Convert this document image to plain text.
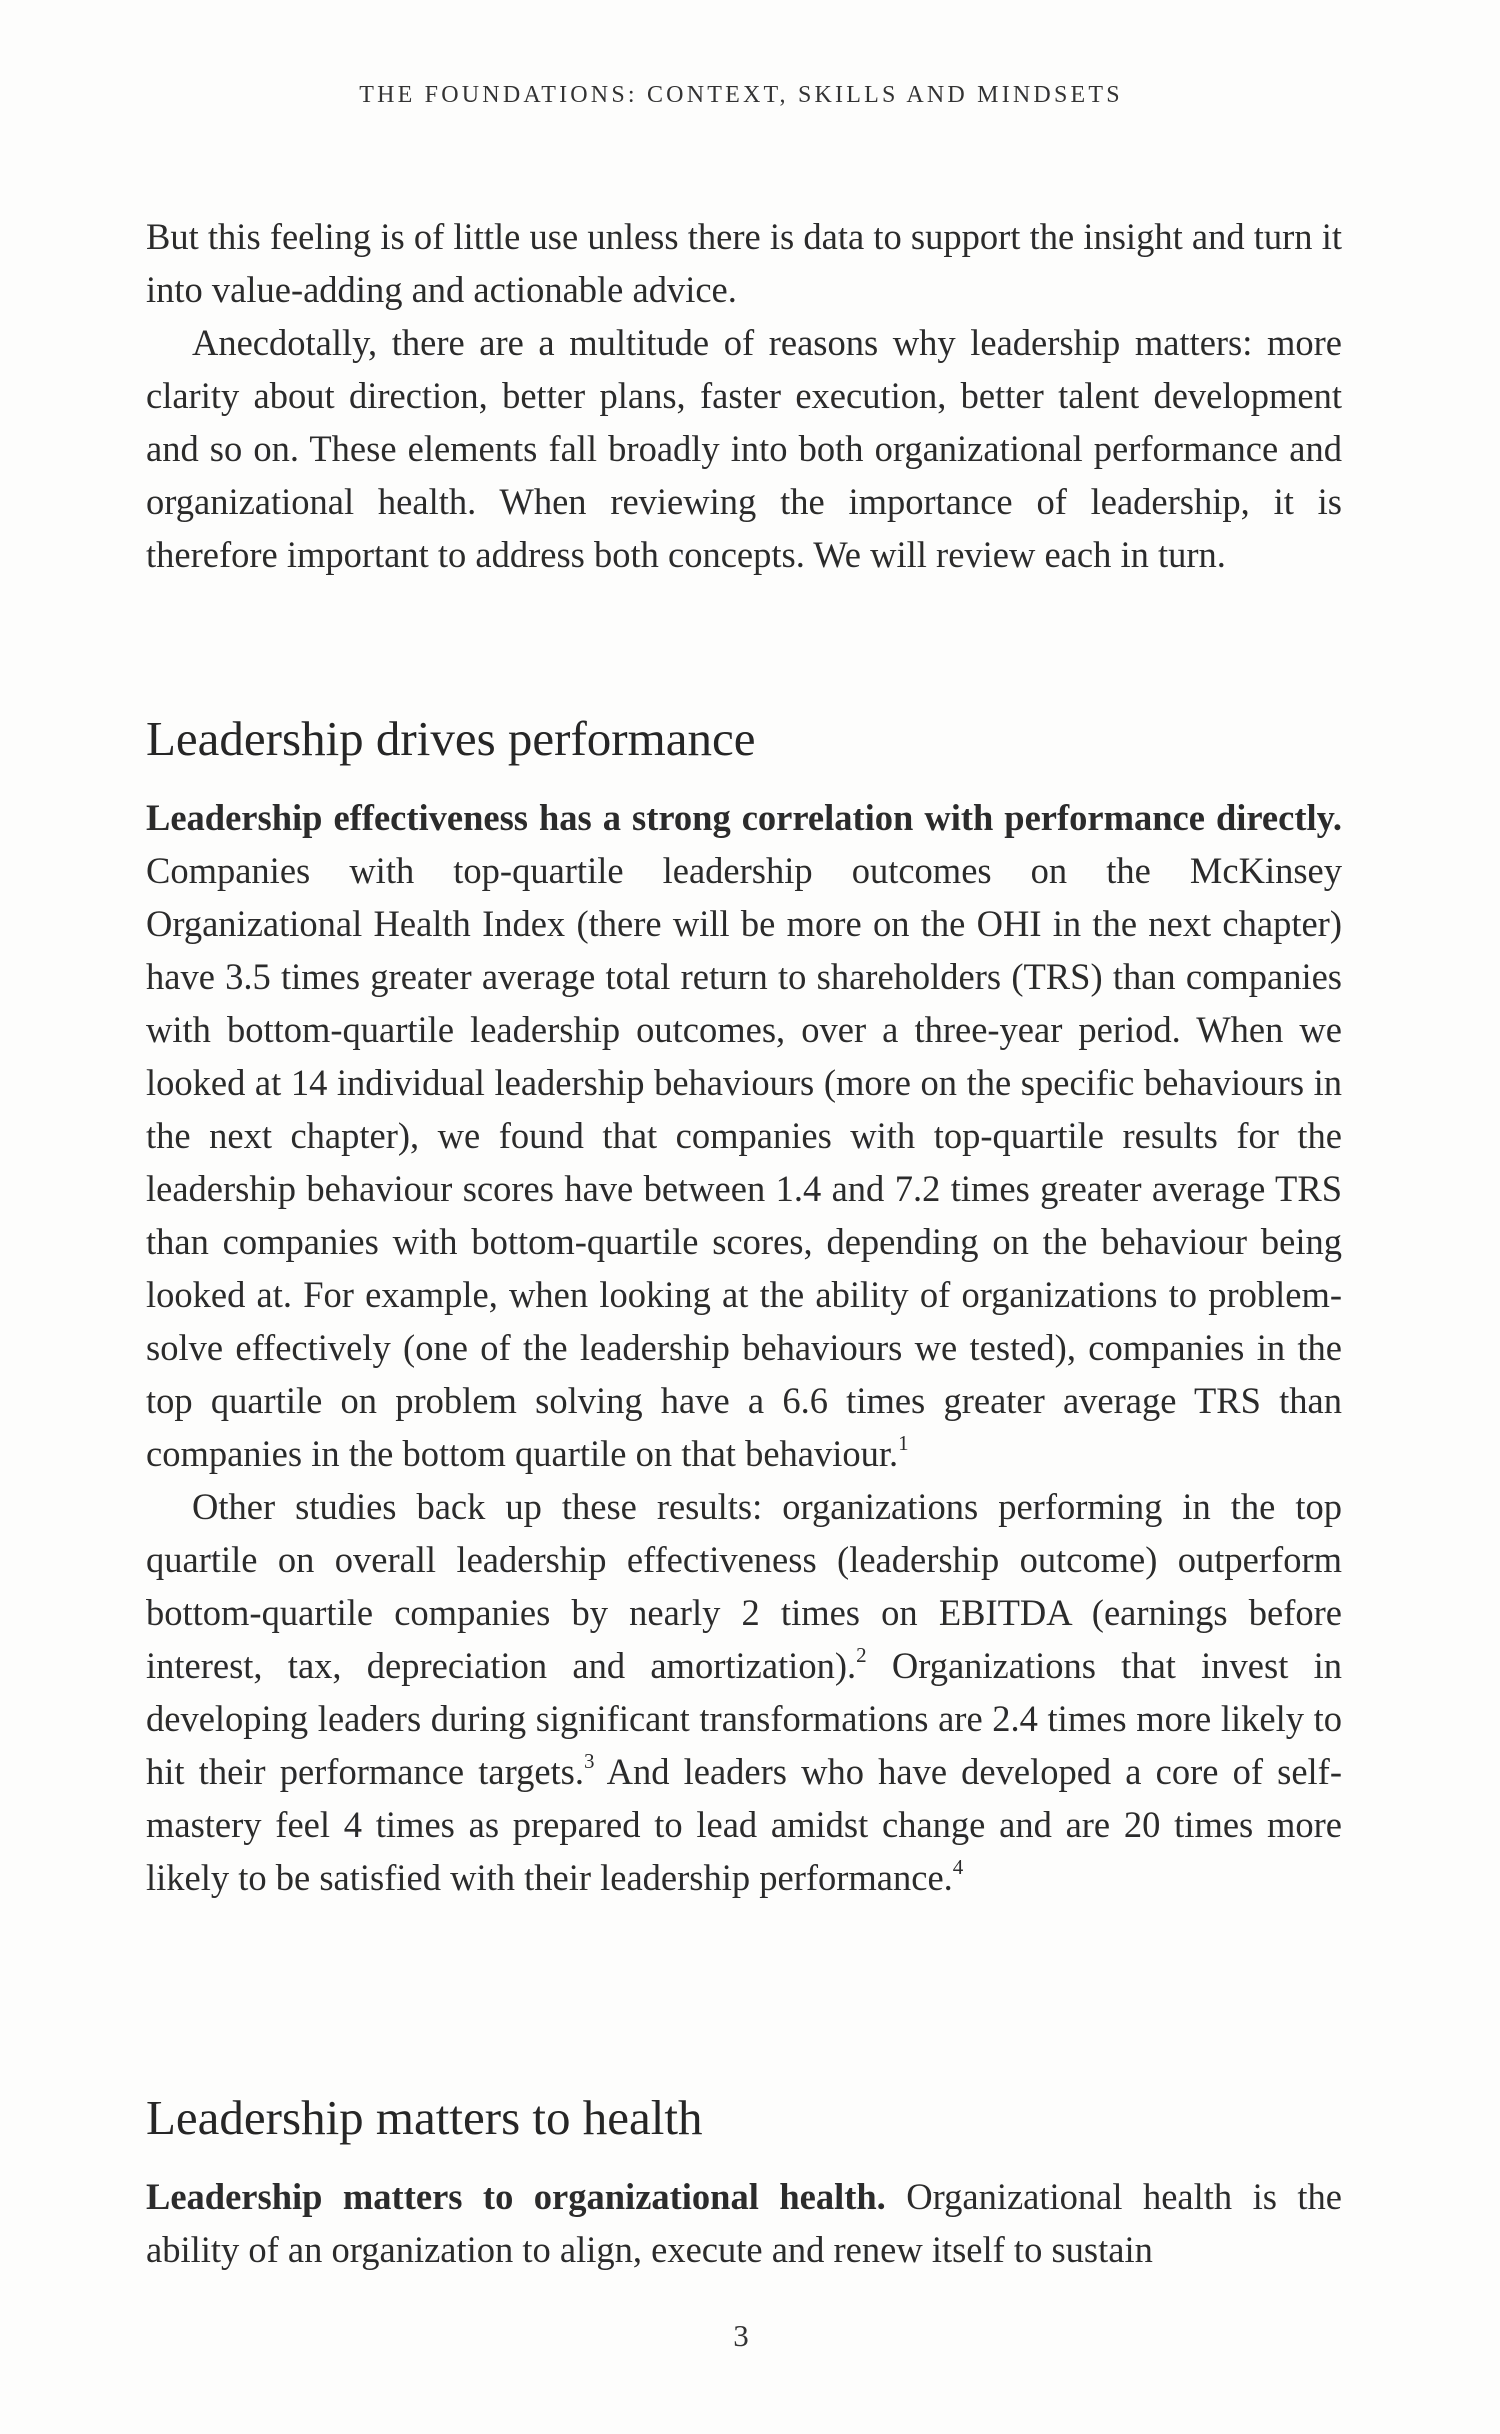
THE FOUNDATIONS: CONTEXT, SKILLS AND MINDSETS

But this feeling is of little use unless there is data to support the insight and turn it into value-adding and actionable advice.

Anecdotally, there are a multitude of reasons why leadership matters: more clarity about direction, better plans, faster execution, better talent development and so on. These elements fall broadly into both organizational performance and organizational health. When reviewing the importance of leadership, it is therefore important to address both concepts. We will review each in turn.

Leadership drives performance

Leadership effectiveness has a strong correlation with performance directly. Companies with top-quartile leadership outcomes on the McKinsey Organizational Health Index (there will be more on the OHI in the next chapter) have 3.5 times greater average total return to shareholders (TRS) than companies with bottom-quartile leadership outcomes, over a three-year period. When we looked at 14 individual leadership behaviours (more on the specific behaviours in the next chapter), we found that companies with top-quartile results for the leadership behaviour scores have between 1.4 and 7.2 times greater average TRS than companies with bottom-quartile scores, depending on the behaviour being looked at. For example, when looking at the ability of organizations to problem-solve effectively (one of the leadership behaviours we tested), companies in the top quartile on problem solving have a 6.6 times greater average TRS than companies in the bottom quartile on that behaviour.$^1$

Other studies back up these results: organizations performing in the top quartile on overall leadership effectiveness (leadership outcome) outperform bottom-quartile companies by nearly 2 times on EBITDA (earnings before interest, tax, depreciation and amortization).$^2$ Organizations that invest in developing leaders during significant transformations are 2.4 times more likely to hit their performance targets.$^3$ And leaders who have developed a core of self-mastery feel 4 times as prepared to lead amidst change and are 20 times more likely to be satisfied with their leadership performance.$^4$

Leadership matters to health

Leadership matters to organizational health. Organizational health is the ability of an organization to align, execute and renew itself to sustain

3
